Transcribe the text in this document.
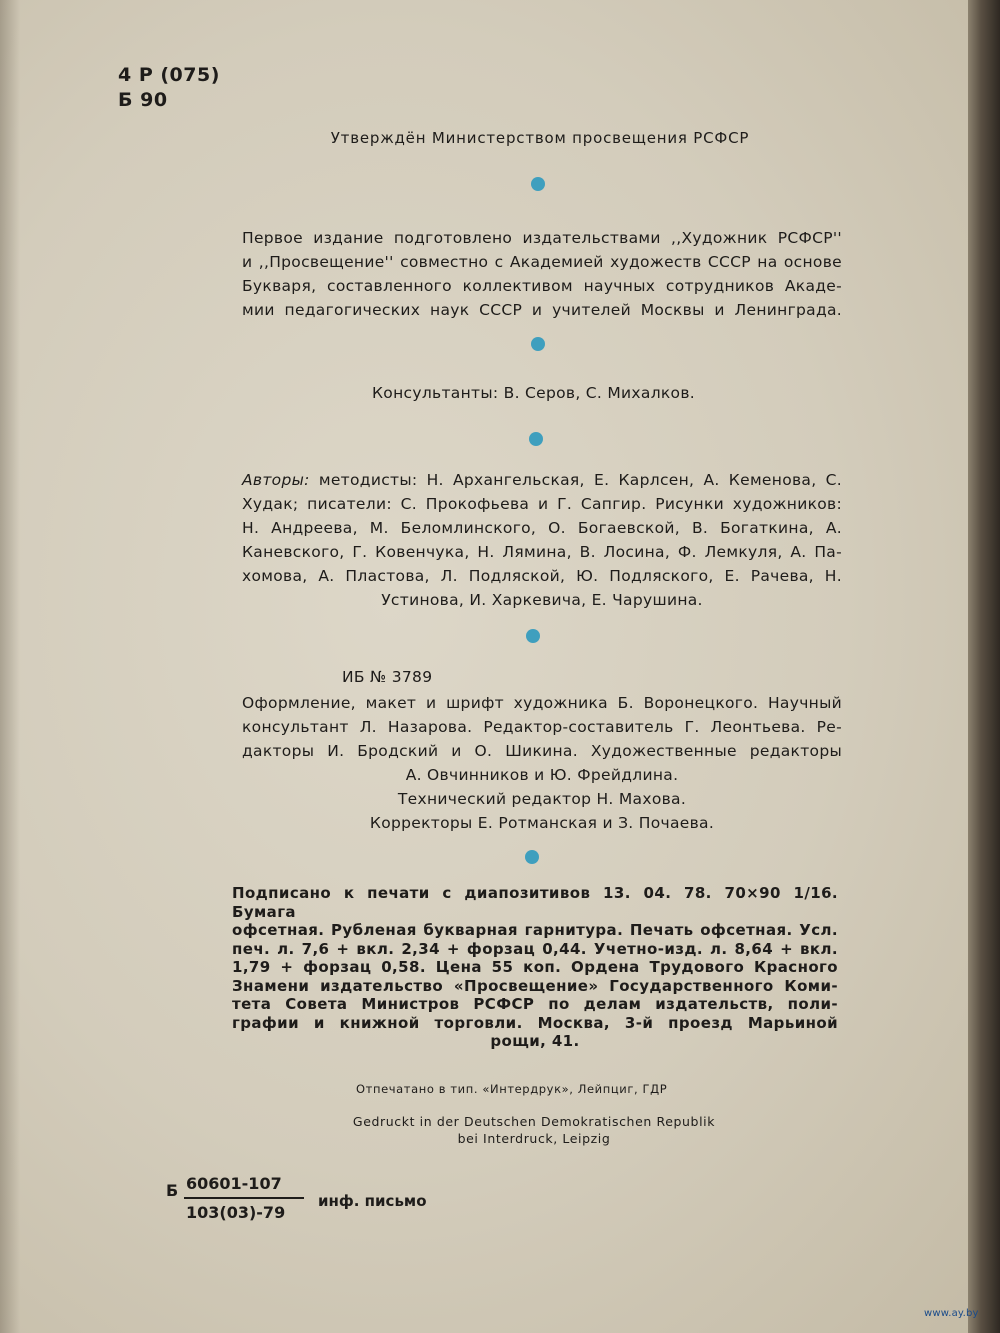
4 Р (075)
Б 90
Утверждён Министерством просвещения РСФСР
Первое издание подготовлено издательствами ,,Художник РСФСР''
и ,,Просвещение'' совместно с Академией художеств СССР на основе
Букваря, составленного коллективом научных сотрудников Акаде-
мии педагогических наук СССР и учителей Москвы и Ленинграда.
Консультанты: В. Серов, С. Михалков.
Авторы: методисты: Н. Архангельская, Е. Карлсен, А. Кеменова, С.
Худак; писатели: С. Прокофьева и Г. Сапгир. Рисунки художников:
Н. Андреева, М. Беломлинского, О. Богаевской, В. Богаткина, А.
Каневского, Г. Ковенчука, Н. Лямина, В. Лосина, Ф. Лемкуля, А. Па-
хомова, А. Пластова, Л. Подляской, Ю. Подляского, Е. Рачева, Н.
Устинова, И. Харкевича, Е. Чарушина.
ИБ № 3789
Оформление, макет и шрифт художника Б. Воронецкого. Научный
консультант Л. Назарова. Редактор-составитель Г. Леонтьева. Ре-
дакторы И. Бродский и О. Шикина. Художественные редакторы
А. Овчинников и Ю. Фрейдлина.
Технический редактор Н. Махова.
Корректоры Е. Ротманская и З. Почаева.
Подписано к печати с диапозитивов 13. 04. 78. 70×90 1/16. Бумага
офсетная. Рубленая букварная гарнитура. Печать офсетная. Усл.
печ. л. 7,6 + вкл. 2,34 + форзац 0,44. Учетно-изд. л. 8,64 + вкл.
1,79 + форзац 0,58. Цена 55 коп. Ордена Трудового Красного
Знамени издательство «Просвещение» Государственного Коми-
тета Совета Министров РСФСР по делам издательств, поли-
графии и книжной торговли. Москва, 3-й проезд Марьиной
рощи, 41.
Отпечатано в тип. «Интердрук», Лейпциг, ГДР
Gedruckt in der Deutschen Demokratischen Republik
bei Interdruck, Leipzig
Б 60601-107
103(03)-79
инф. письмо
www.ay.by
